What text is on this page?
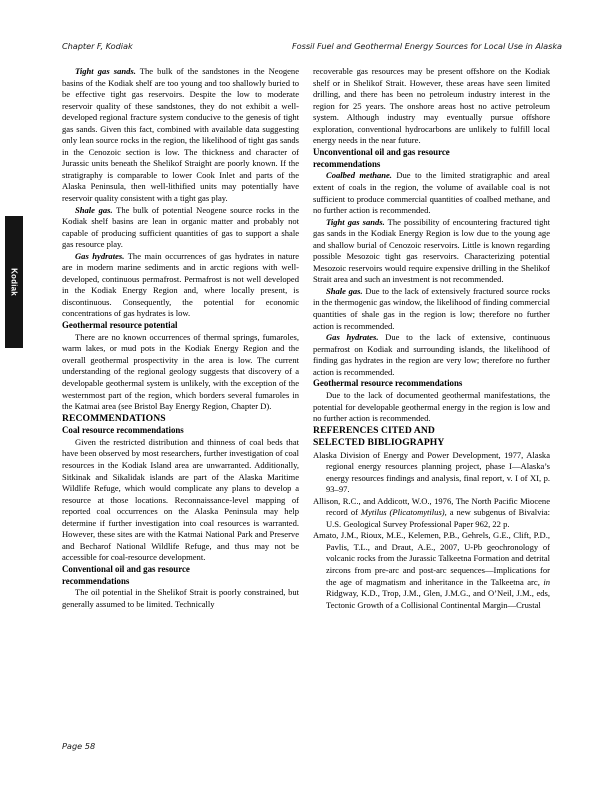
Chapter F, Kodiak	Fossil Fuel and Geothermal Energy Sources for Local Use in Alaska
Kodiak

Tight gas sands. The bulk of the sandstones in the Neogene basins of the Kodiak shelf are too young and too shallowly buried to be effective tight gas reservoirs. Despite the low to moderate reservoir quality of these sandstones, they do not exhibit a well-developed regional fracture system conducive to the genesis of tight gas sands. Given this fact, combined with available data suggesting only lean source rocks in the region, the likelihood of tight gas sands in the Cenozoic section is low. The thickness and character of Jurassic units beneath the Shelikof Straight are poorly known. If the stratigraphy is comparable to lower Cook Inlet and parts of the Alaska Peninsula, then well-lithified units may potentially have reservoir quality consistent with a tight gas play.

Shale gas. The bulk of potential Neogene source rocks in the Kodiak shelf basins are lean in organic matter and probably not capable of producing sufficient quantities of gas to support a shale gas resource play.

Gas hydrates. The main occurrences of gas hydrates in nature are in modern marine sediments and in arctic regions with well-developed, continuous permafrost. Permafrost is not well developed in the Kodiak Energy Region and, where locally present, is discontinuous. Consequently, the potential for economic concentrations of gas hydrates is low.

Geothermal resource potential

There are no known occurrences of thermal springs, fumaroles, warm lakes, or mud pots in the Kodiak Energy Region and the overall geothermal prospectivity in the area is low. The current understanding of the regional geology suggests that discovery of a developable geothermal system is unlikely, with the exception of the westernmost part of the region, which borders several fumaroles in the Katmai area (see Bristol Bay Energy Region, Chapter D).

RECOMMENDATIONS
Coal resource recommendations

Given the restricted distribution and thinness of coal beds that have been observed by most researchers, further investigation of coal resources in the Kodiak Island area are unwarranted. Additionally, Sitkinak and Sikalidak islands are part of the Alaska Maritime Wildlife Refuge, which would complicate any plans to develop a resource at those locations. Reconnaissance-level mapping of reported coal occurrences on the Alaska Peninsula may help determine if further investigation into coal resources is warranted. However, these sites are with the Katmai National Park and Preserve and Becharof National Wildlife Refuge, and thus may not be accessible for coal-resource development.

Conventional oil and gas resource
recommendations

The oil potential in the Shelikof Strait is poorly constrained, but generally assumed to be limited. Technically

recoverable gas resources may be present offshore on the Kodiak shelf or in Shelikof Strait. However, these areas have seen limited drilling, and there has been no petroleum industry interest in the region for 25 years. The onshore areas host no active petroleum system. Although industry may eventually pursue offshore exploration, conventional hydrocarbons are unlikely to fulfill local energy needs in the near future.

Unconventional oil and gas resource
recommendations

Coalbed methane. Due to the limited stratigraphic and areal extent of coals in the region, the volume of available coal is not sufficient to produce commercial quantities of coalbed methane, and no further action is recommended.

Tight gas sands. The possibility of encountering fractured tight gas sands in the Kodiak Energy Region is low due to the young age and shallow burial of Cenozoic reservoirs. Little is known regarding possible Mesozoic tight gas reservoirs. Characterizing potential Mesozoic reservoirs would require expensive drilling in the Shelikof Strait area and such an investment is not recommended.

Shale gas. Due to the lack of extensively fractured source rocks in the thermogenic gas window, the likelihood of finding commercial quantities of shale gas in the region is low; therefore no further action is recommended.

Gas hydrates. Due to the lack of extensive, continuous permafrost on Kodiak and surrounding islands, the likelihood of finding gas hydrates in the region are very low; therefore no further action is recommended.

Geothermal resource recommendations

Due to the lack of documented geothermal manifestations, the potential for developable geothermal energy in the region is low and no further action is recommended.

REFERENCES CITED AND
SELECTED BIBLIOGRAPHY

Alaska Division of Energy and Power Development, 1977, Alaska regional energy resources planning project, phase I—Alaska’s energy resources findings and analysis, final report, v. I of XI, p. 93–97.

Allison, R.C., and Addicott, W.O., 1976, The North Pacific Miocene record of Mytilus (Plicatomytilus), a new subgenus of Bivalvia: U.S. Geological Survey Professional Paper 962, 22 p.

Amato, J.M., Rioux, M.E., Kelemen, P.B., Gehrels, G.E., Clift, P.D., Pavlis, T.L., and Draut, A.E., 2007, U-Pb geochronology of volcanic rocks from the Jurassic Talkeetna Formation and detrital zircons from pre-arc and post-arc sequences—Implications for the age of magmatism and inheritance in the Talkeetna arc, in Ridgway, K.D., Trop, J.M., Glen, J.M.G., and O’Neil, J.M., eds, Tectonic Growth of a Collisional Continental Margin—Crustal

Page 58
